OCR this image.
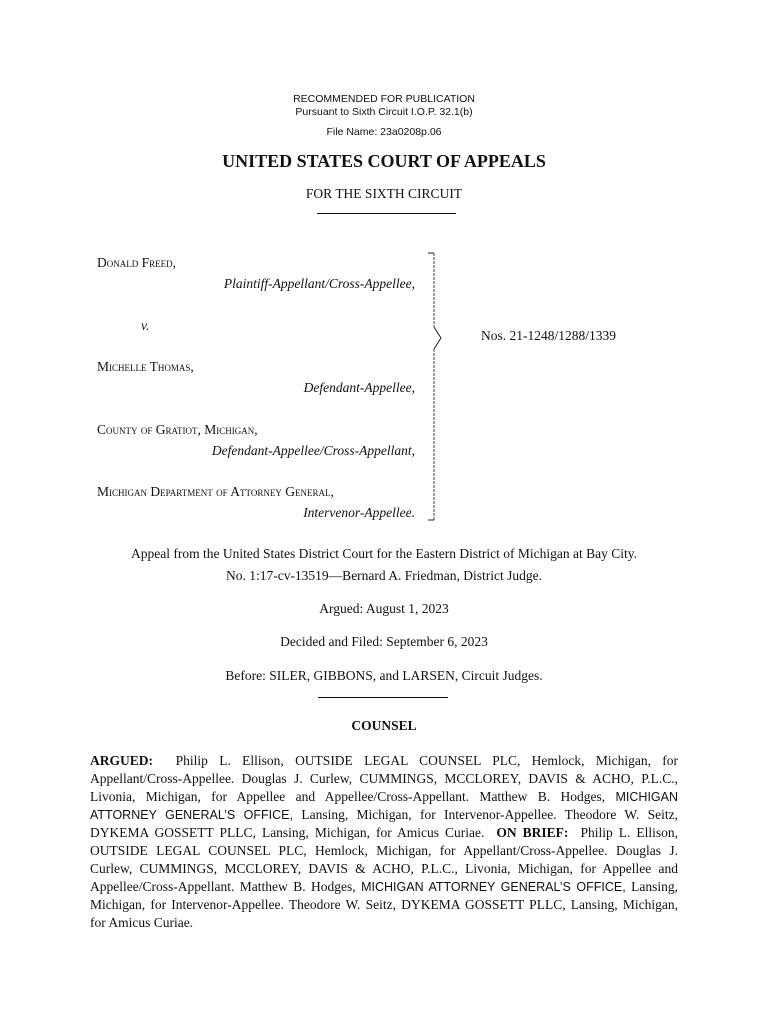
RECOMMENDED FOR PUBLICATION
Pursuant to Sixth Circuit I.O.P. 32.1(b)
File Name: 23a0208p.06
UNITED STATES COURT OF APPEALS
FOR THE SIXTH CIRCUIT
Donald Freed,
Plaintiff-Appellant/Cross-Appellee,
v.
Michelle Thomas,
Defendant-Appellee,
County of Gratiot, Michigan,
Defendant-Appellee/Cross-Appellant,
Michigan Department of Attorney General,
Intervenor-Appellee.
Nos. 21-1248/1288/1339
Appeal from the United States District Court for the Eastern District of Michigan at Bay City.
No. 1:17-cv-13519—Bernard A. Friedman, District Judge.
Argued: August 1, 2023
Decided and Filed: September 6, 2023
Before: SILER, GIBBONS, and LARSEN, Circuit Judges.
COUNSEL
ARGUED: Philip L. Ellison, OUTSIDE LEGAL COUNSEL PLC, Hemlock, Michigan, for Appellant/Cross-Appellee. Douglas J. Curlew, CUMMINGS, MCCLOREY, DAVIS & ACHO, P.L.C., Livonia, Michigan, for Appellee and Appellee/Cross-Appellant. Matthew B. Hodges, MICHIGAN ATTORNEY GENERAL’S OFFICE, Lansing, Michigan, for Intervenor-Appellee. Theodore W. Seitz, DYKEMA GOSSETT PLLC, Lansing, Michigan, for Amicus Curiae. ON BRIEF: Philip L. Ellison, OUTSIDE LEGAL COUNSEL PLC, Hemlock, Michigan, for Appellant/Cross-Appellee. Douglas J. Curlew, CUMMINGS, MCCLOREY, DAVIS & ACHO, P.L.C., Livonia, Michigan, for Appellee and Appellee/Cross-Appellant. Matthew B. Hodges, MICHIGAN ATTORNEY GENERAL’S OFFICE, Lansing, Michigan, for Intervenor-Appellee. Theodore W. Seitz, DYKEMA GOSSETT PLLC, Lansing, Michigan, for Amicus Curiae.
